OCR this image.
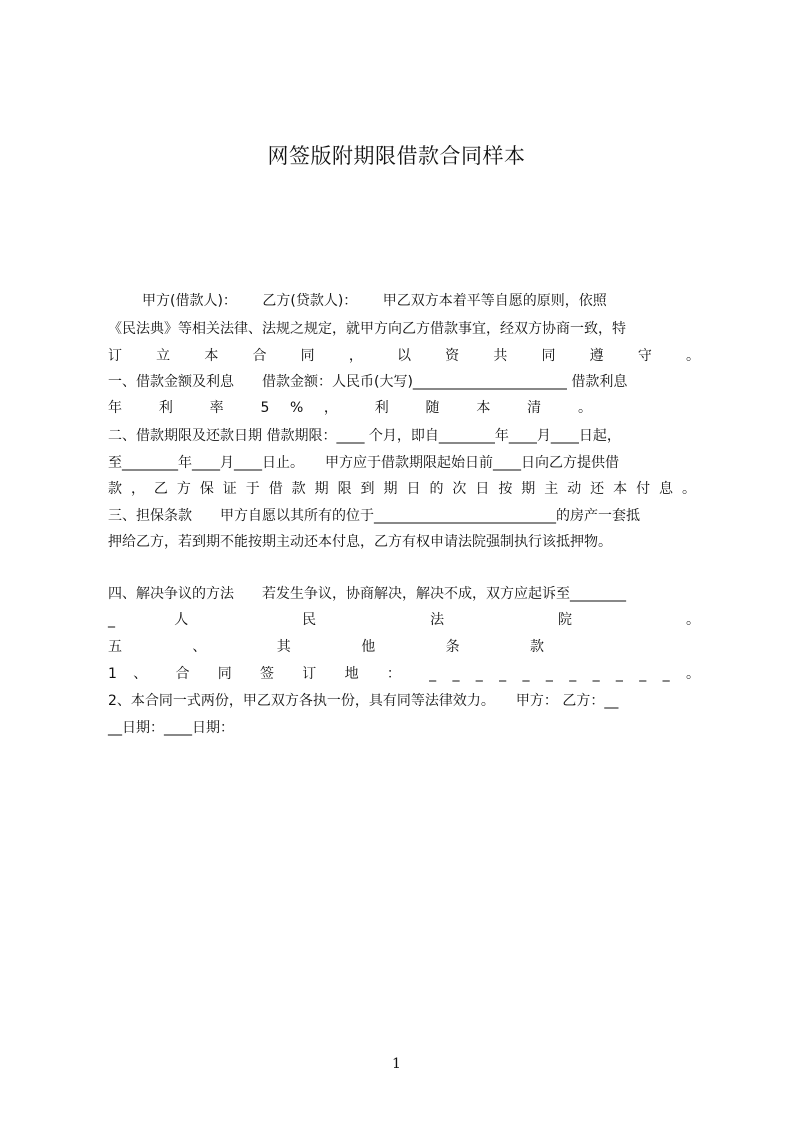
网签版附期限借款合同样本
甲方(借款人)：　　 乙方(贷款人)：　　 甲乙双方本着平等自愿的原则，依照
《民法典》等相关法律、法规之规定，就甲方向乙方借款事宜，经双方协商一致，特
订 立 本 合 同 ， 以 资 共 同 遵 守 。
一、借款金额及利息　　借款金额：人民币(大写)______________________ 借款利息
年 利 率 5 % ， 利 随 本 清 。
二、借款期限及还款日期 借款期限：____ 个月，即自________年____月____日起，
至________年____月____日止。　　甲方应于借款期限起始日前____日向乙方提供借
款，乙方保证于借款期限到期日的次日按期主动还本付息。
三、担保条款　　甲方自愿以其所有的位于__________________________的房产一套抵
押给乙方，若到期不能按期主动还本付息，乙方有权申请法院强制执行该抵押物。
四、解决争议的方法　　若发生争议，协商解决，解决不成，双方应起诉至________
_ 人 民 法 院 。
五 、 其 他 条 款
1 、 合 同 签 订 地 ： _ _ _ _ _ _ _ _ _ _ _ 。
2、本合同一式两份，甲乙双方各执一份，具有同等法律效力。　　甲方： 乙方：__
__日期：____日期：
1
